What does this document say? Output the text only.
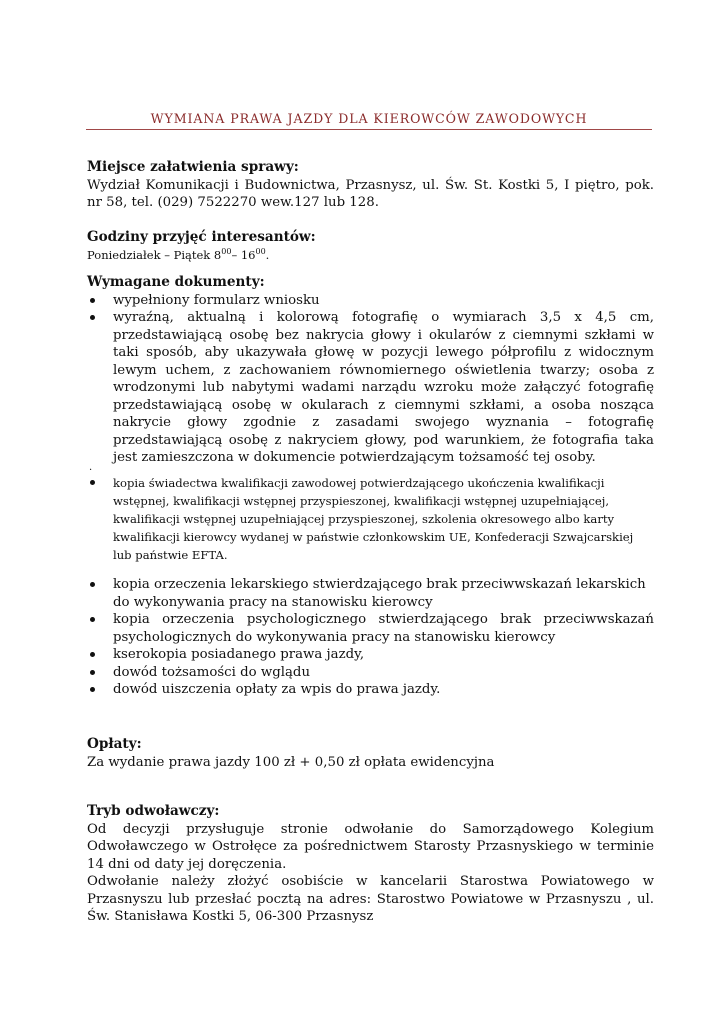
WYMIANA PRAWA JAZDY DLA KIEROWCÓW ZAWODOWYCH
Miejsce załatwienia sprawy:
Wydział Komunikacji i Budownictwa, Przasnysz, ul. Św. St. Kostki 5, I piętro, pok. nr 58, tel. (029) 7522270 wew.127 lub 128.
Godziny przyjęć interesantów:
Poniedziałek – Piątek $8^{00}-$ $16^{00}$.
Wymagane dokumenty:
wypełniony formularz wniosku
wyraźną, aktualną i kolorową fotografię o wymiarach 3,5 x 4,5 cm, przedstawiającą osobę bez nakrycia głowy i okularów z ciemnymi szkłami w taki sposób, aby ukazywała głowę w pozycji lewego półprofilu z widocznym lewym uchem, z zachowaniem równomiernego oświetlenia twarzy; osoba z wrodzonymi lub nabytymi wadami narządu wzroku może załączyć fotografię przedstawiającą osobę w okularach z ciemnymi szkłami, a osoba nosząca nakrycie głowy zgodnie z zasadami swojego wyznania – fotografię przedstawiającą osobę z nakryciem głowy, pod warunkiem, że fotografia taka jest zamieszczona w dokumencie potwierdzającym tożsamość tej osoby.
.
kopia świadectwa kwalifikacji zawodowej potwierdzającego ukończenia kwalifikacji wstępnej, kwalifikacji wstępnej przyspieszonej, kwalifikacji wstępnej uzupełniającej, kwalifikacji wstępnej uzupełniającej przyspieszonej, szkolenia okresowego albo karty kwalifikacji kierowcy wydanej w państwie członkowskim UE, Konfederacji Szwajcarskiej lub państwie EFTA.
kopia orzeczenia lekarskiego stwierdzającego brak przeciwwskazań lekarskich do wykonywania pracy na stanowisku kierowcy
kopia orzeczenia psychologicznego stwierdzającego brak przeciwwskazań psychologicznych do wykonywania pracy na stanowisku kierowcy
kserokopia posiadanego prawa jazdy,
dowód tożsamości do wglądu
dowód uiszczenia opłaty za wpis do prawa jazdy.
Opłaty:
Za wydanie prawa jazdy 100 zł + 0,50 zł opłata ewidencyjna
Tryb odwoławczy:
Od decyzji przysługuje stronie odwołanie do Samorządowego Kolegium Odwoławczego w Ostrołęce za pośrednictwem Starosty Przasnyskiego w terminie 14 dni od daty jej doręczenia.
Odwołanie należy złożyć osobiście w kancelarii Starostwa Powiatowego w Przasnyszu lub przesłać pocztą na adres: Starostwo Powiatowe w Przasnyszu , ul. Św. Stanisława Kostki 5, 06-300 Przasnysz
